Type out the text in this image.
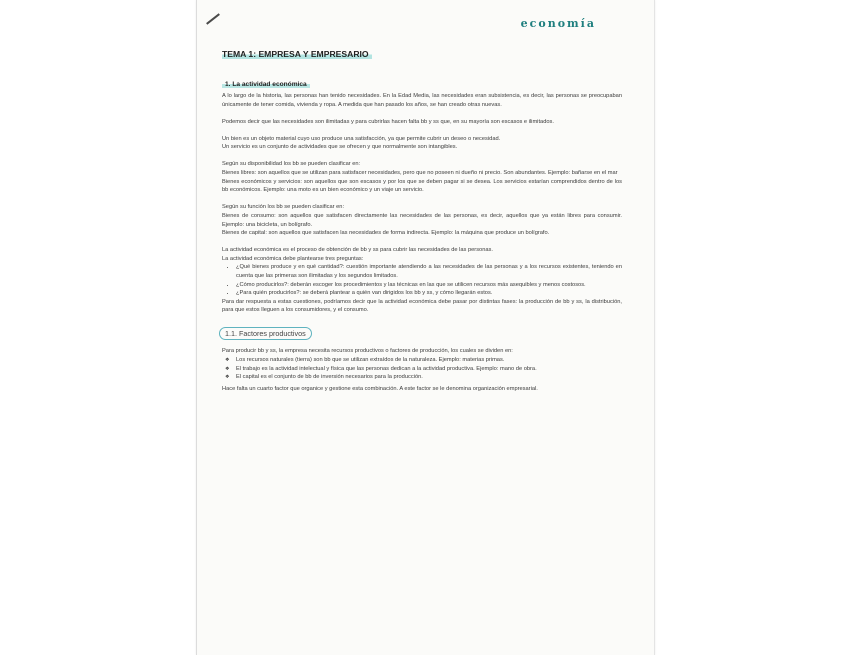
economía
TEMA 1: EMPRESA Y EMPRESARIO
1. La actividad económica

A lo largo de la historia, las personas han tenido necesidades. En la Edad Media, las necesidades eran subsistencia, es decir, las personas se preocupaban únicamente de tener comida, vivienda y ropa. A medida que han pasado los años, se han creado otras nuevas.

Podemos decir que las necesidades son ilimitadas y para cubrirlas hacen falta bb y ss que, en su mayoría son escasos e ilimitados.

Un bien es un objeto material cuyo uso produce una satisfacción, ya que permite cubrir un deseo o necesidad.

Un servicio es un conjunto de actividades que se ofrecen y que normalmente son intangibles.

Según su disponibilidad los bb se pueden clasificar en:

Bienes libres: son aquellos que se utilizan para satisfacer necesidades, pero que no poseen ni dueño ni precio. Son abundantes. Ejemplo: bañarse en el mar

Bienes económicos y servicios: son aquellos que son escasos y por los que se deben pagar si se desea. Los servicios estarían comprendidos dentro de los bb económicos. Ejemplo: una moto es un bien económico y un viaje un servicio.

Según su función los bb se pueden clasificar en:

Bienes de consumo: son aquellos que satisfacen directamente las necesidades de las personas, es decir, aquellos que ya están libres para consumir. Ejemplo: una bicicleta, un bolígrafo.

Bienes de capital: son aquellos que satisfacen las necesidades de forma indirecta. Ejemplo: la máquina que produce un bolígrafo.

La actividad económica es el proceso de obtención de bb y ss para cubrir las necesidades de las personas.

La actividad económica debe plantearse tres preguntas:

• ¿Qué bienes produce y en qué cantidad?: cuestión importante atendiendo a las necesidades de las personas y a los recursos existentes, teniendo en cuenta que las primeras son ilimitadas y los segundos limitados.
• ¿Cómo producirlos?: deberán escoger los procedimientos y las técnicas en las que se utilicen recursos más asequibles y menos costosos.
• ¿Para quién producirlos?: se deberá plantear a quién van dirigidos los bb y ss, y cómo llegarán estos.

Para dar respuesta a estas cuestiones, podríamos decir que la actividad económica debe pasar por distintas fases: la producción de bb y ss, la distribución, para que estos lleguen a los consumidores, y el consumo.

1.1. Factores productivos

Para producir bb y ss, la empresa necesita recursos productivos o factores de producción, los cuales se dividen en:

❖ Los recursos naturales (tierra) son bb que se utilizan extraídos de la naturaleza. Ejemplo: materias primas.
❖ El trabajo es la actividad intelectual y física que las personas dedican a la actividad productiva. Ejemplo: mano de obra.
❖ El capital es el conjunto de bb de inversión necesarios para la producción.

Hace falta un cuarto factor que organice y gestione esta combinación. A este factor se le denomina organización empresarial.
